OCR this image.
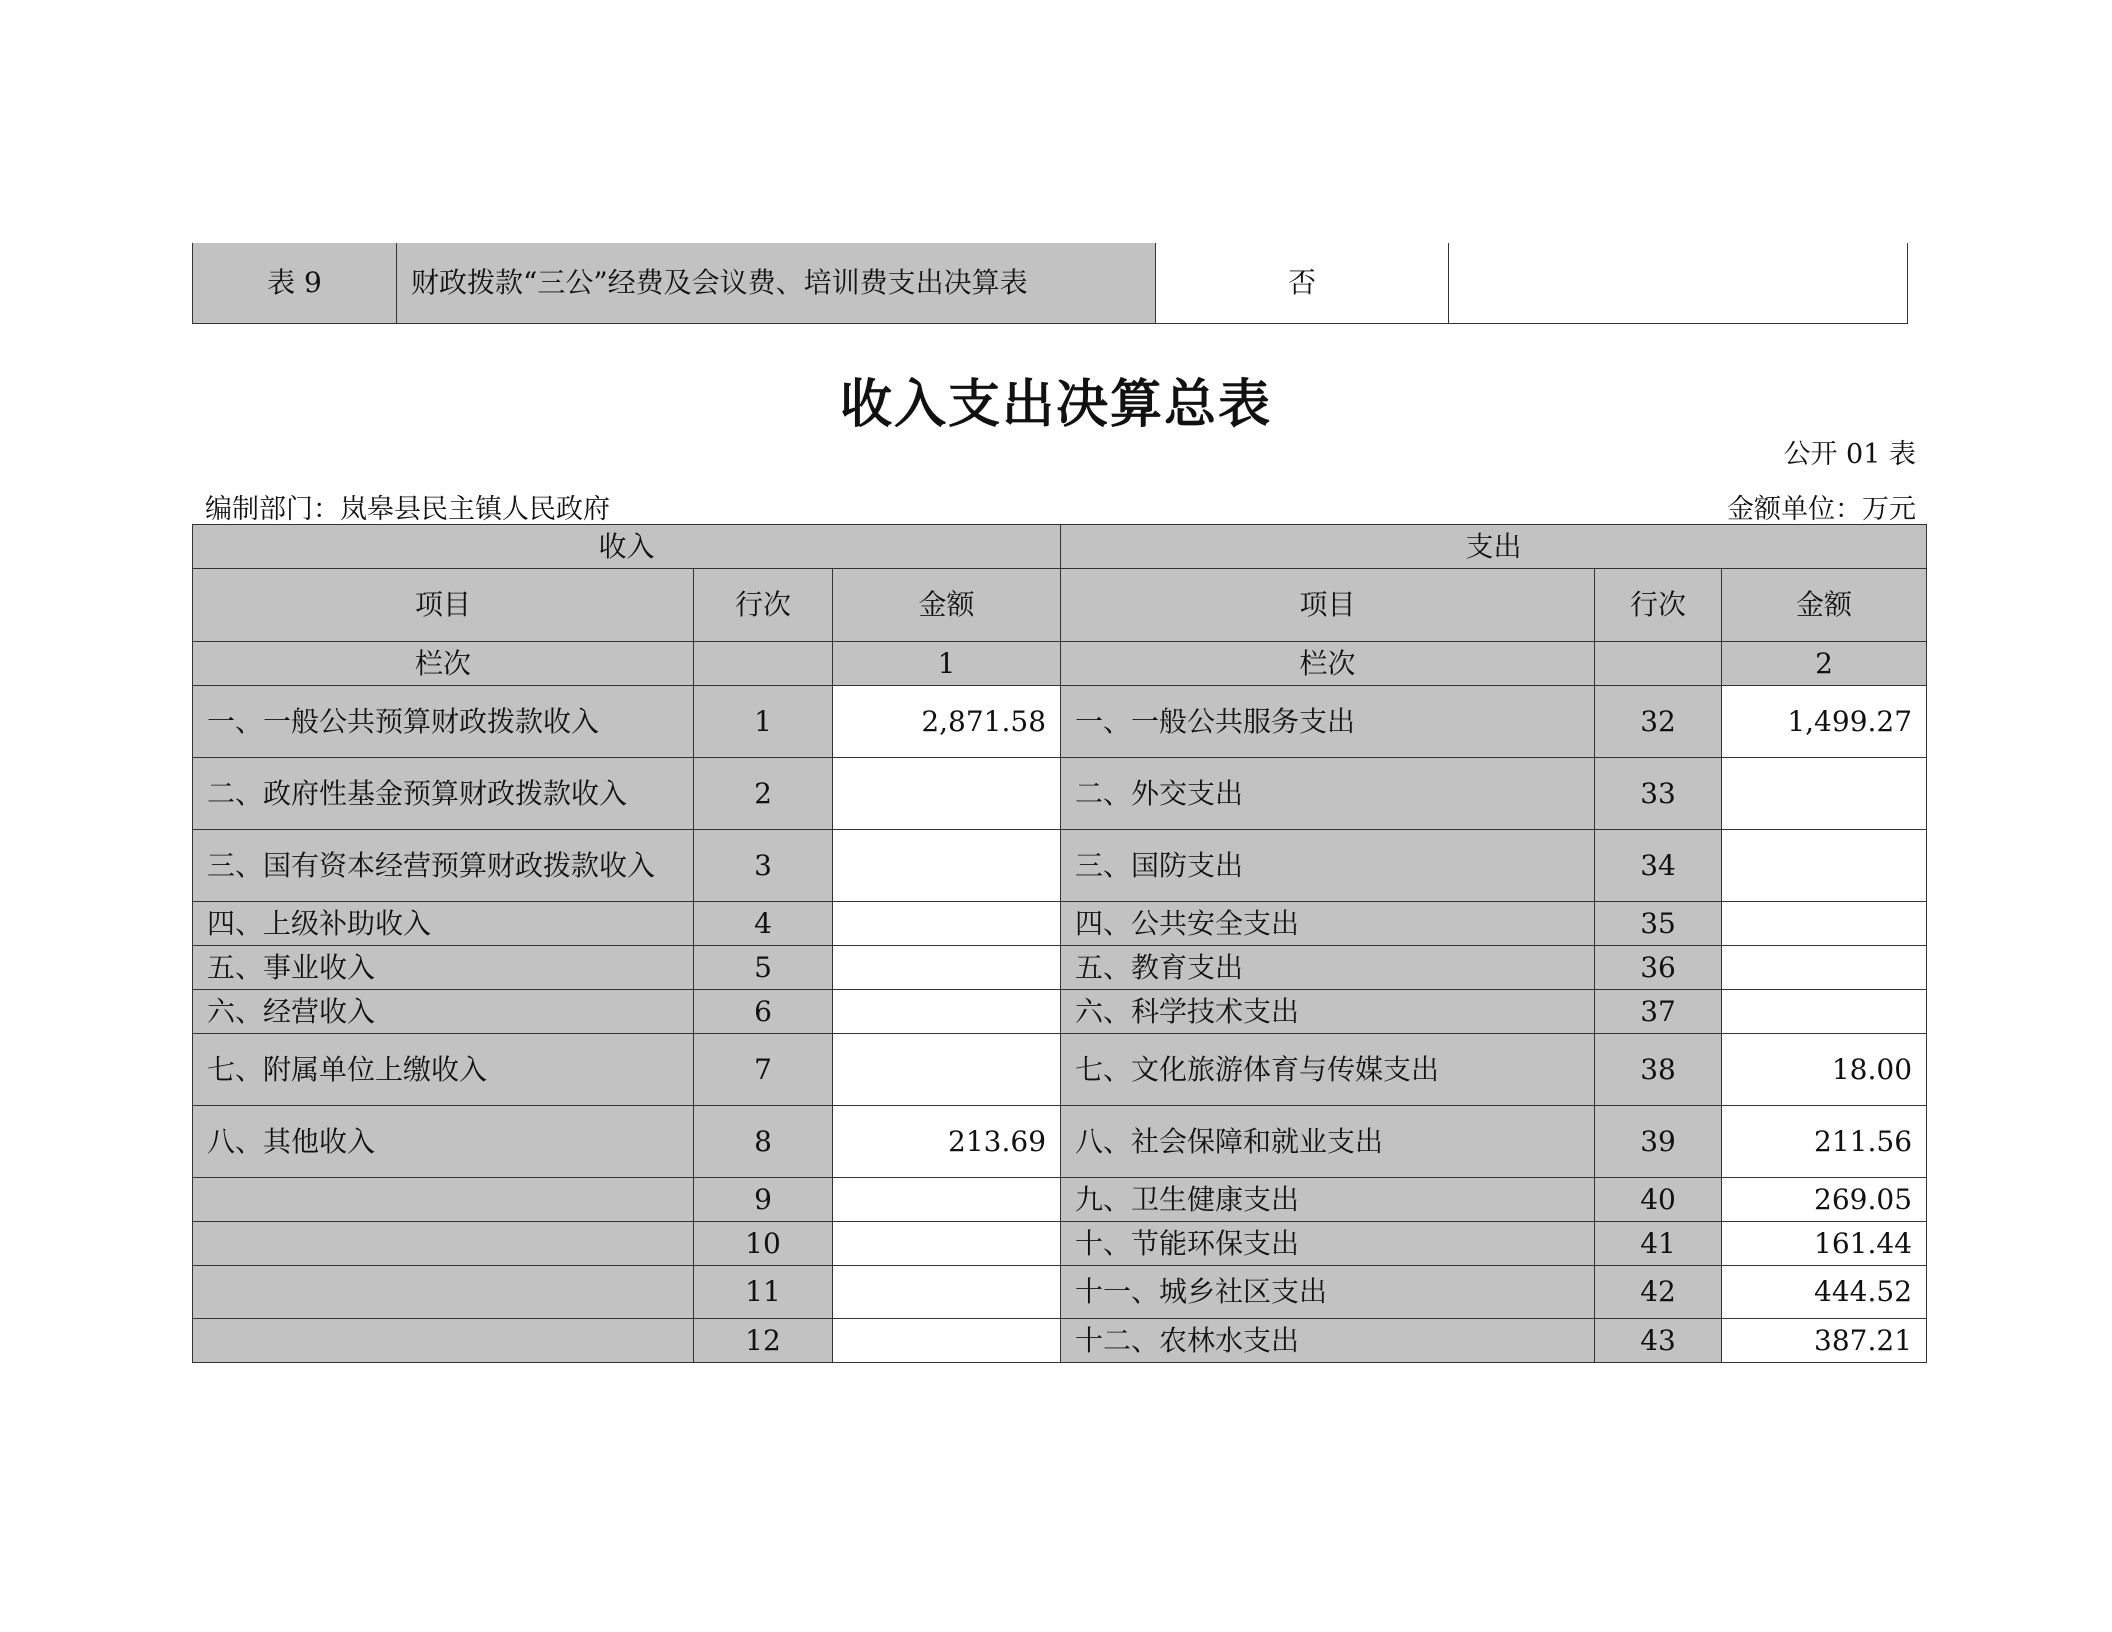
表 9	财政拨款“三公”经费及会议费、培训费支出决算表	否	
收入支出决算总表
公开 01 表
编制部门：岚皋县民主镇人民政府	金额单位：万元
收入			支出		
项目	行次	金额	项目	行次	金额
栏次		1	栏次		2
一、一般公共预算财政拨款收入	1	2,871.58	一、一般公共服务支出	32	1,499.27
二、政府性基金预算财政拨款收入	2		二、外交支出	33	
三、国有资本经营预算财政拨款收入	3		三、国防支出	34	
四、上级补助收入	4		四、公共安全支出	35	
五、事业收入	5		五、教育支出	36	
六、经营收入	6		六、科学技术支出	37	
七、附属单位上缴收入	7		七、文化旅游体育与传媒支出	38	18.00
八、其他收入	8	213.69	八、社会保障和就业支出	39	211.56
	9		九、卫生健康支出	40	269.05
	10		十、节能环保支出	41	161.44
	11		十一、城乡社区支出	42	444.52
	12		十二、农林水支出	43	387.21
